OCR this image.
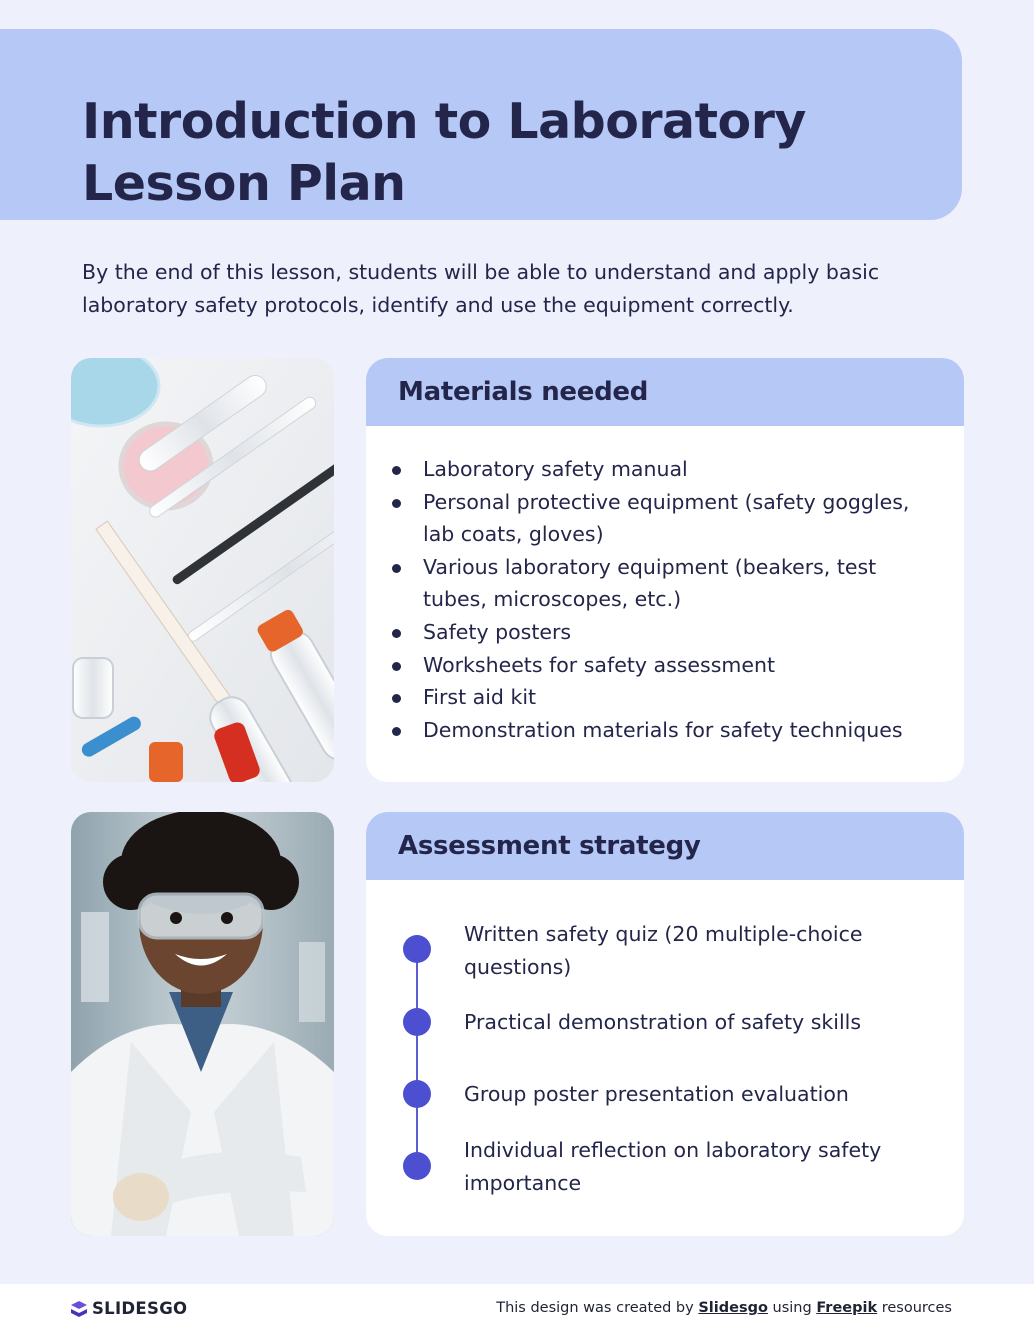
Introduction to Laboratory
Lesson Plan

By the end of this lesson, students will be able to understand and apply basic laboratory safety protocols, identify and use the equipment correctly.

Materials needed
Laboratory safety manual
Personal protective equipment (safety goggles, lab coats, gloves)
Various laboratory equipment (beakers, test tubes, microscopes, etc.)
Safety posters
Worksheets for safety assessment
First aid kit
Demonstration materials for safety techniques
Assessment strategy
Written safety quiz (20 multiple-choice questions)
Practical demonstration of safety skills
Group poster presentation evaluation
Individual reflection on laboratory safety importance
SLIDESGO	This design was created by Slidesgo using Freepik resources
